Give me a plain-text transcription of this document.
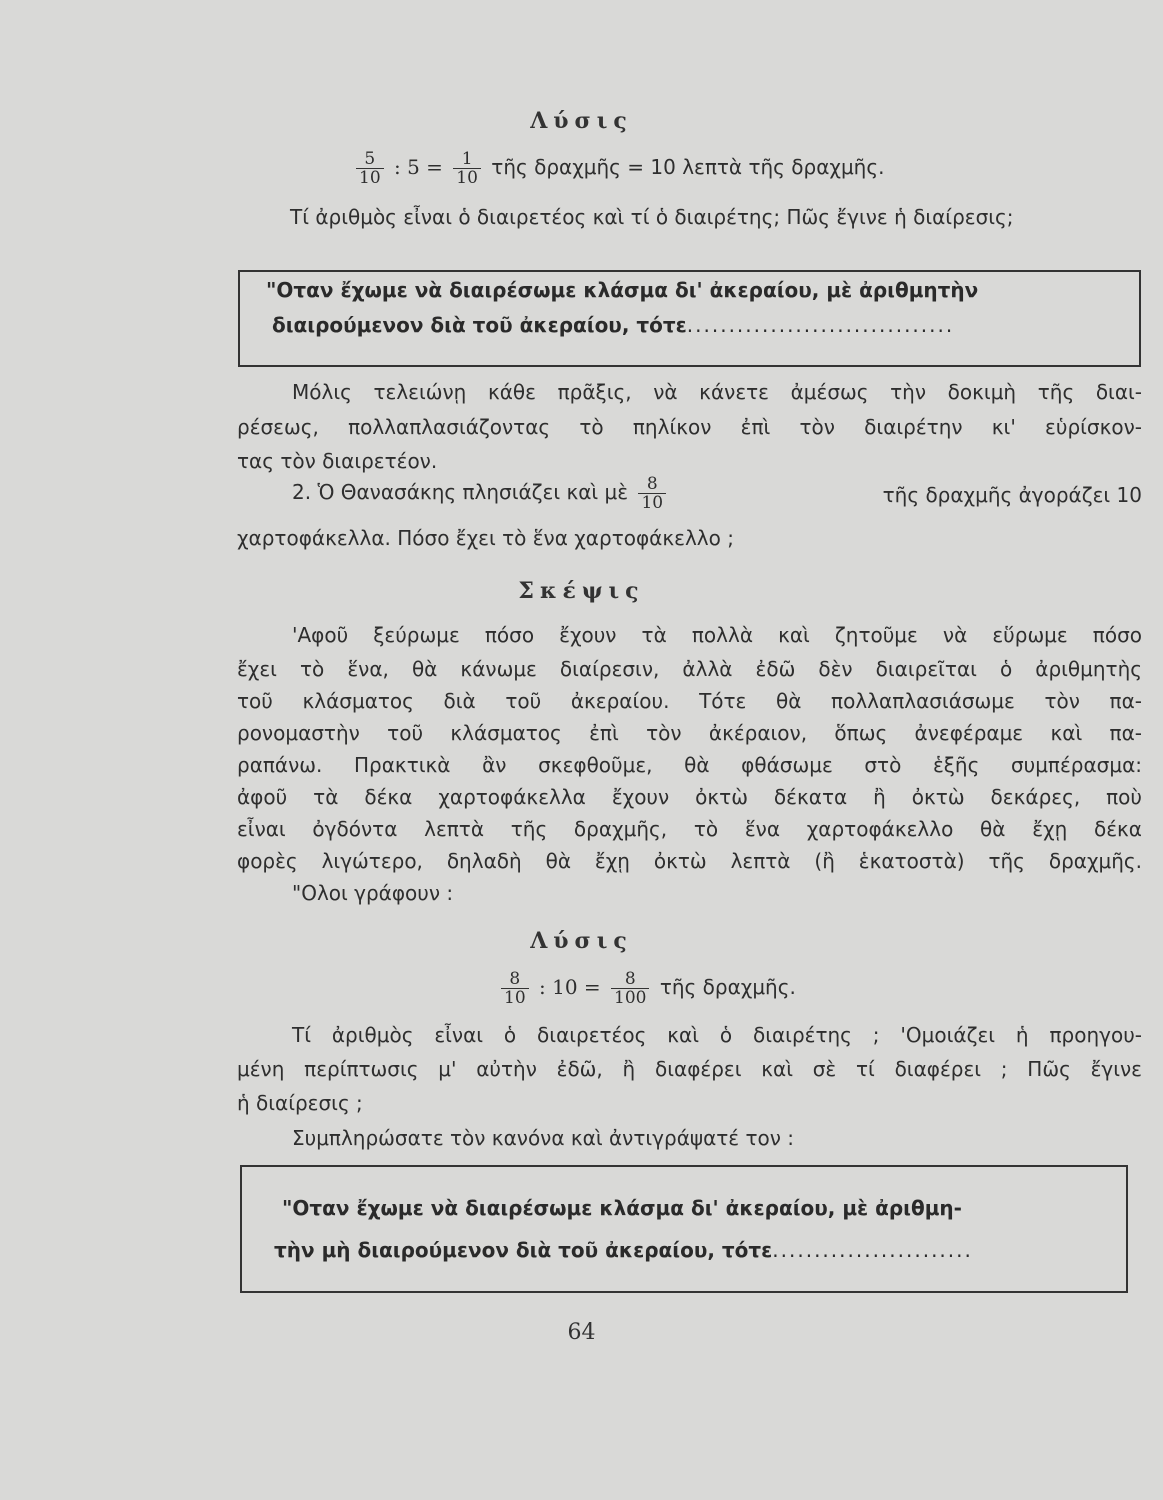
Λύσις
$\frac{5}{10}$ : $5 = \frac{1}{10}$ τῆς δραχμῆς = 10 λεπτὰ τῆς δραχμῆς.
Τί ἀριθμὸς εἶναι ὁ διαιρετέος καὶ τί ὁ διαιρέτης; Πῶς ἔγινε ἡ διαίρεσις;
"Οταν ἔχωμε νὰ διαιρέσωμε κλάσμα δι' ἀκεραίου, μὲ ἀριθμητὴν
διαιρούμενον διὰ τοῦ ἀκεραίου, τότε................................
Μόλις τελειώνῃ κάθε πρᾶξις, νὰ κάνετε ἀμέσως τὴν δοκιμὴ τῆς διαι-
ρέσεως, πολλαπλασιάζοντας τὸ πηλίκον ἐπὶ τὸν διαιρέτην κι' εὑρίσκον-
τας τὸν διαιρετέον.
2. Ὁ Θανασάκης πλησιάζει καὶ μὲ $\frac{8}{10}$	τῆς δραχμῆς ἀγοράζει 10
χαρτοφάκελλα. Πόσο ἔχει τὸ ἕνα χαρτοφάκελλο ;
Σκέψις
'Αφοῦ ξεύρωμε πόσο ἔχουν τὰ πολλὰ καὶ ζητοῦμε νὰ εὕρωμε πόσο
ἔχει τὸ ἕνα, θὰ κάνωμε διαίρεσιν, ἀλλὰ ἐδῶ δὲν διαιρεῖται ὁ ἀριθμητὴς
τοῦ κλάσματος διὰ τοῦ ἀκεραίου. Τότε θὰ πολλαπλασιάσωμε τὸν πα-
ρονομαστὴν τοῦ κλάσματος ἐπὶ τὸν ἀκέραιον, ὅπως ἀνεφέραμε καὶ πα-
ραπάνω. Πρακτικὰ ἂν σκεφθοῦμε, θὰ φθάσωμε στὸ ἑξῆς συμπέρασμα:
ἀφοῦ τὰ δέκα χαρτοφάκελλα ἔχουν ὀκτὼ δέκατα ἢ ὀκτὼ δεκάρες, ποὺ
εἶναι ὀγδόντα λεπτὰ τῆς δραχμῆς, τὸ ἕνα χαρτοφάκελλο θὰ ἔχῃ δέκα
φορὲς λιγώτερο, δηλαδὴ θὰ ἔχῃ ὀκτὼ λεπτὰ (ἢ ἑκατοστὰ) τῆς δραχμῆς.
"Ολοι γράφουν :
Λύσις
$\frac{8}{10}$ : $10 = \frac{8}{100}$ τῆς δραχμῆς.
Τί ἀριθμὸς εἶναι ὁ διαιρετέος καὶ ὁ διαιρέτης ; 'Ομοιάζει ἡ προηγου-
μένη περίπτωσις μ' αὐτὴν ἐδῶ, ἢ διαφέρει καὶ σὲ τί διαφέρει ; Πῶς ἔγινε
ἡ διαίρεσις ;
Συμπληρώσατε τὸν κανόνα καὶ ἀντιγράψατέ τον :
"Οταν ἔχωμε νὰ διαιρέσωμε κλάσμα δι' ἀκεραίου, μὲ ἀριθμη-
τὴν μὴ διαιρούμενον διὰ τοῦ ἀκεραίου, τότε........................
64
